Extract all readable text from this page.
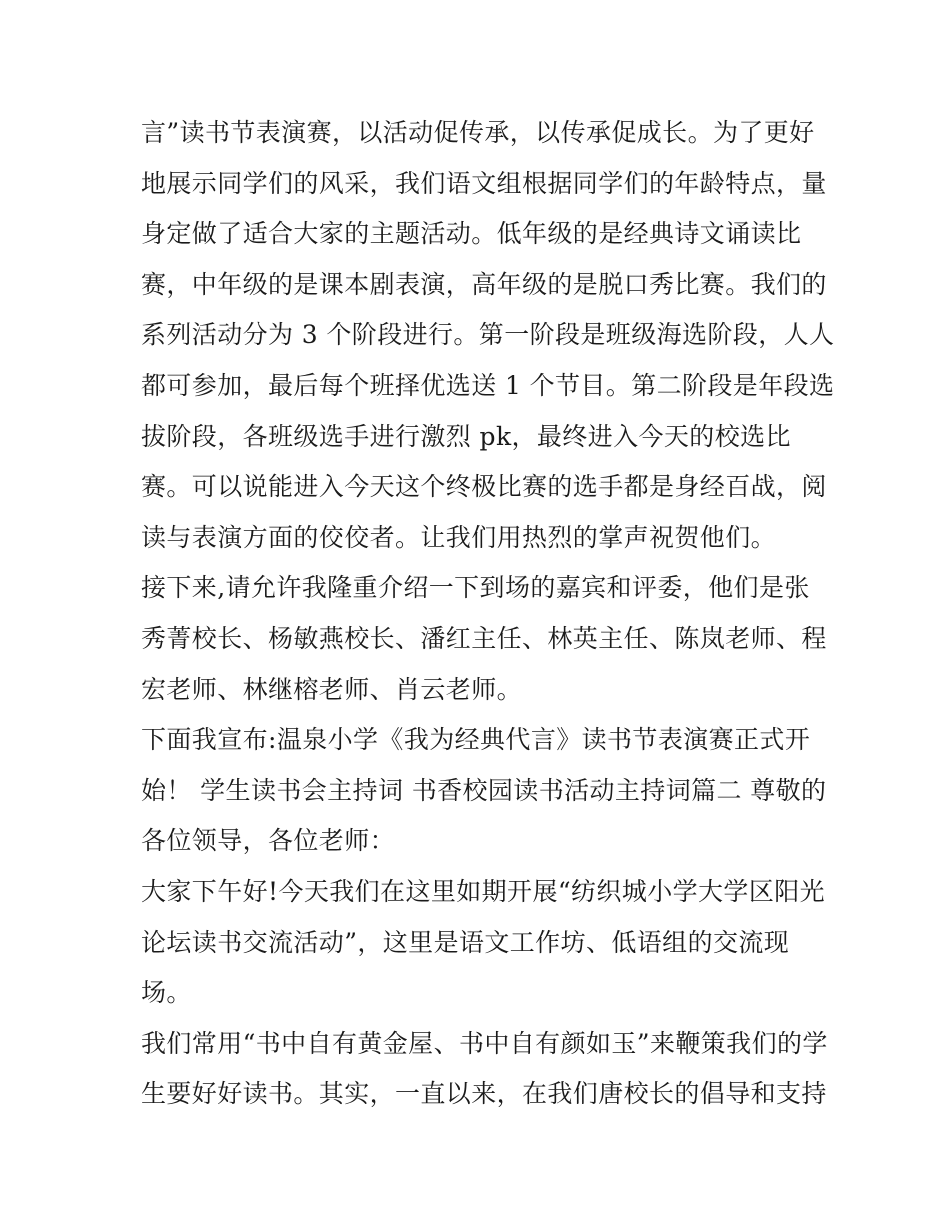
言”读书节表演赛，以活动促传承，以传承促成长。为了更好
地展示同学们的风采，我们语文组根据同学们的年龄特点，量
身定做了适合大家的主题活动。低年级的是经典诗文诵读比
赛，中年级的是课本剧表演，高年级的是脱口秀比赛。我们的
系列活动分为 3 个阶段进行。第一阶段是班级海选阶段，人人
都可参加，最后每个班择优选送 1 个节目。第二阶段是年段选
拔阶段，各班级选手进行激烈 pk，最终进入今天的校选比
赛。可以说能进入今天这个终极比赛的选手都是身经百战，阅
读与表演方面的佼佼者。让我们用热烈的掌声祝贺他们。
接下来,请允许我隆重介绍一下到场的嘉宾和评委，他们是张
秀菁校长、杨敏燕校长、潘红主任、林英主任、陈岚老师、程
宏老师、林继榕老师、肖云老师。
下面我宣布:温泉小学《我为经典代言》读书节表演赛正式开
始！ 学生读书会主持词 书香校园读书活动主持词篇二 尊敬的
各位领导，各位老师：
大家下午好!今天我们在这里如期开展“纺织城小学大学区阳光
论坛读书交流活动”，这里是语文工作坊、低语组的交流现
场。
我们常用“书中自有黄金屋、书中自有颜如玉”来鞭策我们的学
生要好好读书。其实，一直以来，在我们唐校长的倡导和支持
